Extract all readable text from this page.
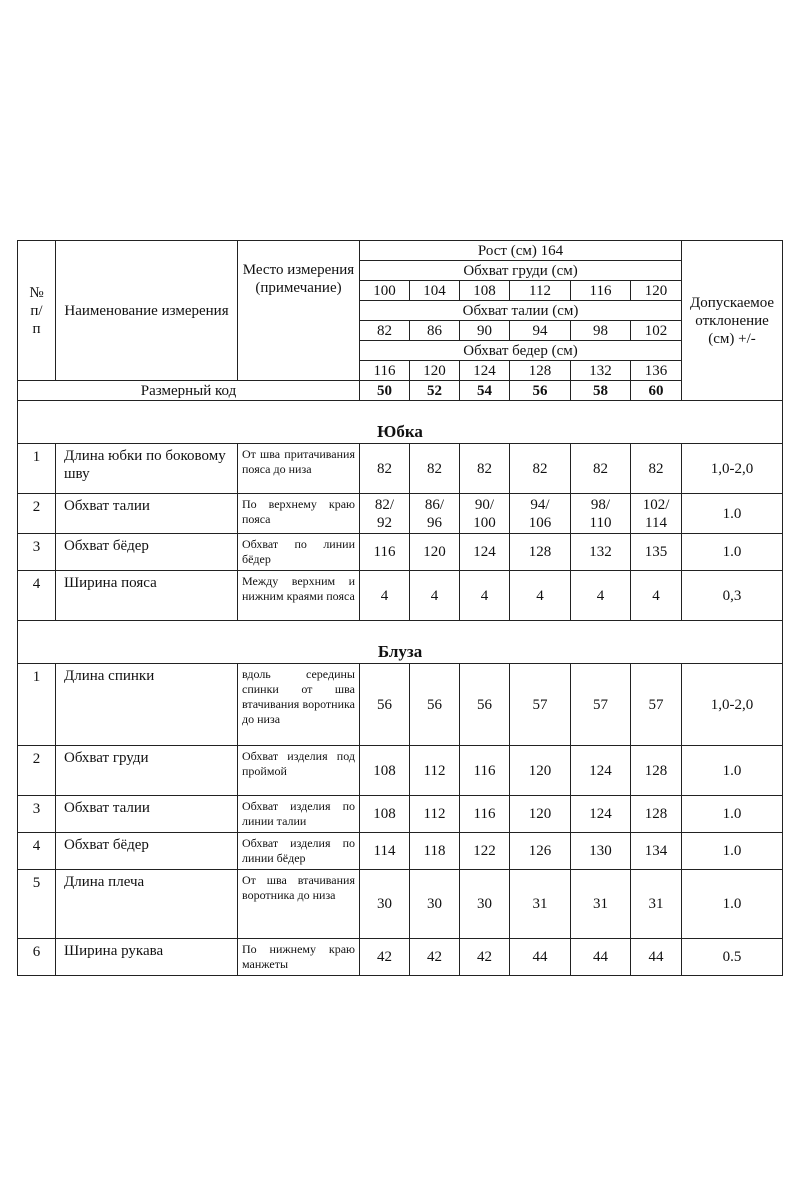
№ п/ п	Наименование измерения	Место измерения (примечание)	Рост (см) 164						Допускаемое отклонение (см) +/-
			Обхват груди (см)						
			100	104	108	112	116	120	
			Обхват талии (см)						
			82	86	90	94	98	102	
			Обхват бедер (см)						
			116	120	124	128	132	136	
Размерный код			50	52	54	56	58	60	
Юбка									
1	Длина юбки по боковому шву	От шва притачивания пояса до низа	82	82	82	82	82	82	1,0-2,0
2	Обхват талии	По верхнему краю пояса	82/ 92	86/ 96	90/ 100	94/ 106	98/ 110	102/ 114	1.0
3	Обхват бёдер	Обхват по линии бёдер	116	120	124	128	132	135	1.0
4	Ширина пояса	Между верхним и нижним краями пояса	4	4	4	4	4	4	0,3
Блуза									
1	Длина спинки	вдоль середины спинки от шва втачивания воротника до низа	56	56	56	57	57	57	1,0-2,0
2	Обхват груди	Обхват изделия под проймой	108	112	116	120	124	128	1.0
3	Обхват талии	Обхват изделия по линии талии	108	112	116	120	124	128	1.0
4	Обхват бёдер	Обхват изделия по линии бёдер	114	118	122	126	130	134	1.0
5	Длина плеча	От шва втачивания воротника до низа	30	30	30	31	31	31	1.0
6	Ширина рукава	По нижнему краю манжеты	42	42	42	44	44	44	0.5
